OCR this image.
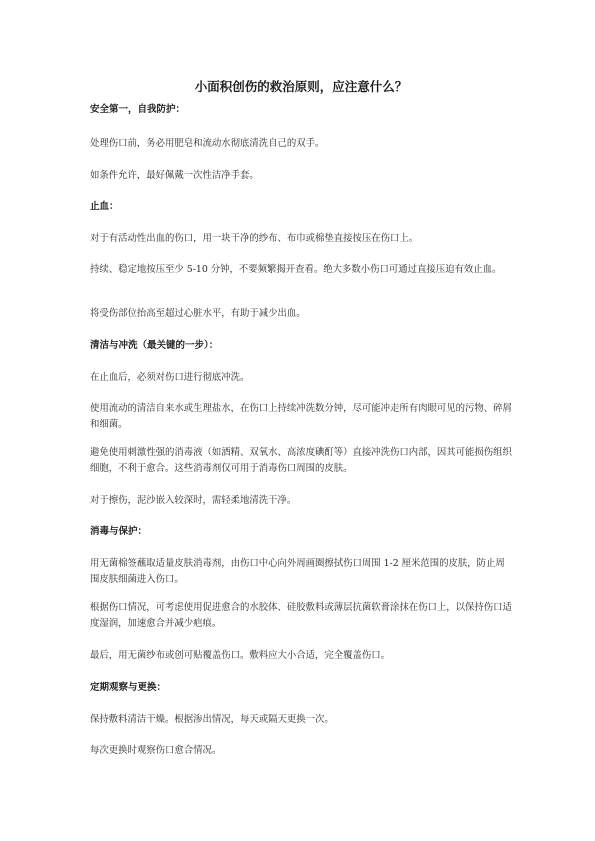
小面积创伤的救治原则，应注意什么？
安全第一，自我防护：

处理伤口前，务必用肥皂和流动水彻底清洗自己的双手。

如条件允许，最好佩戴一次性洁净手套。

止血：

对于有活动性出血的伤口，用一块干净的纱布、布巾或棉垫直接按压在伤口上。

持续、稳定地按压至少 5-10 分钟，不要频繁揭开查看。绝大多数小伤口可通过直接压迫有效止血。

将受伤部位抬高至超过心脏水平，有助于减少出血。

清洁与冲洗（最关键的一步）：

在止血后，必须对伤口进行彻底冲洗。

使用流动的清洁自来水或生理盐水，在伤口上持续冲洗数分钟，尽可能冲走所有肉眼可见的污物、碎屑和细菌。

避免使用刺激性强的消毒液（如酒精、双氧水、高浓度碘酊等）直接冲洗伤口内部，因其可能损伤组织细胞，不利于愈合。这些消毒剂仅可用于消毒伤口周围的皮肤。

对于擦伤，泥沙嵌入较深时，需轻柔地清洗干净。

消毒与保护：

用无菌棉签蘸取适量皮肤消毒剂，由伤口中心向外周画圈擦拭伤口周围 1-2 厘米范围的皮肤，防止周围皮肤细菌进入伤口。

根据伤口情况，可考虑使用促进愈合的水胶体、硅胶敷料或薄层抗菌软膏涂抹在伤口上，以保持伤口适度湿润，加速愈合并减少疤痕。

最后，用无菌纱布或创可贴覆盖伤口。敷料应大小合适，完全覆盖伤口。

定期观察与更换：

保持敷料清洁干燥。根据渗出情况，每天或隔天更换一次。

每次更换时观察伤口愈合情况。
